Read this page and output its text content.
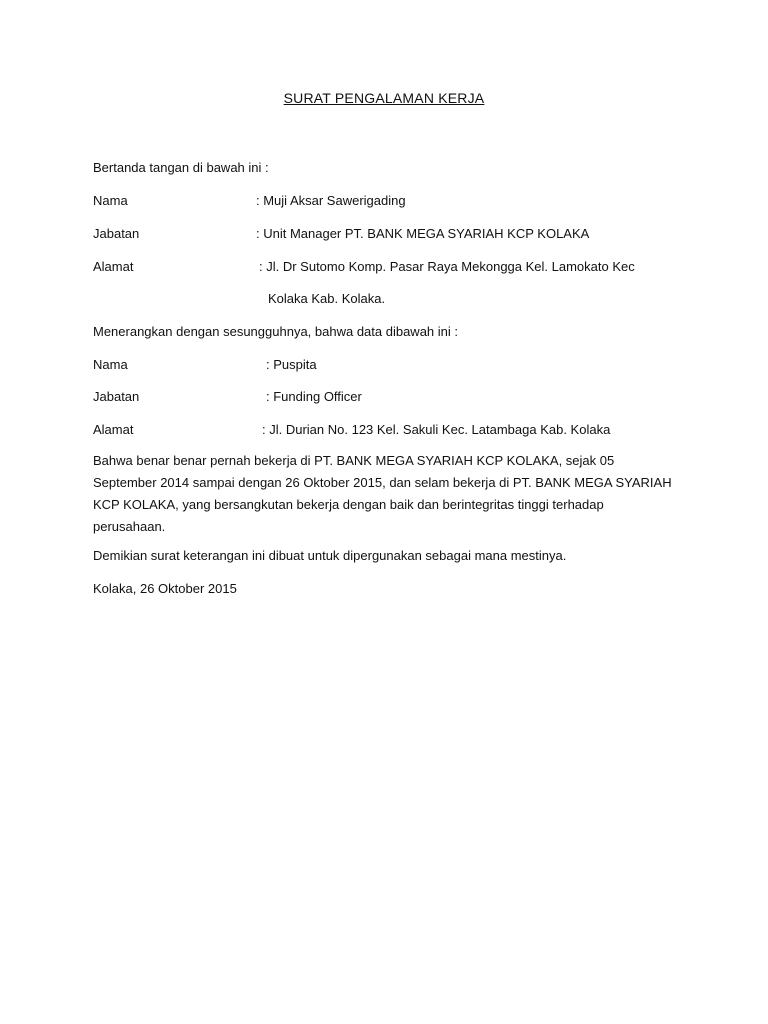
SURAT PENGALAMAN KERJA
Bertanda tangan di bawah ini :
Nama	: Muji Aksar Sawerigading
Jabatan	: Unit Manager PT. BANK MEGA SYARIAH KCP KOLAKA
Alamat	: Jl. Dr Sutomo Komp. Pasar Raya Mekongga Kel. Lamokato Kec
Kolaka Kab. Kolaka.
Menerangkan dengan sesungguhnya, bahwa data dibawah ini :
Nama	: Puspita
Jabatan	: Funding Officer
Alamat	: Jl. Durian No. 123 Kel. Sakuli Kec. Latambaga Kab. Kolaka
Bahwa benar benar pernah bekerja di PT. BANK MEGA SYARIAH KCP KOLAKA, sejak 05 September 2014 sampai dengan 26 Oktober 2015, dan selam bekerja di PT. BANK MEGA SYARIAH KCP KOLAKA, yang bersangkutan bekerja dengan baik dan berintegritas tinggi terhadap perusahaan.
Demikian surat keterangan ini dibuat untuk dipergunakan sebagai mana mestinya.
Kolaka, 26 Oktober 2015
